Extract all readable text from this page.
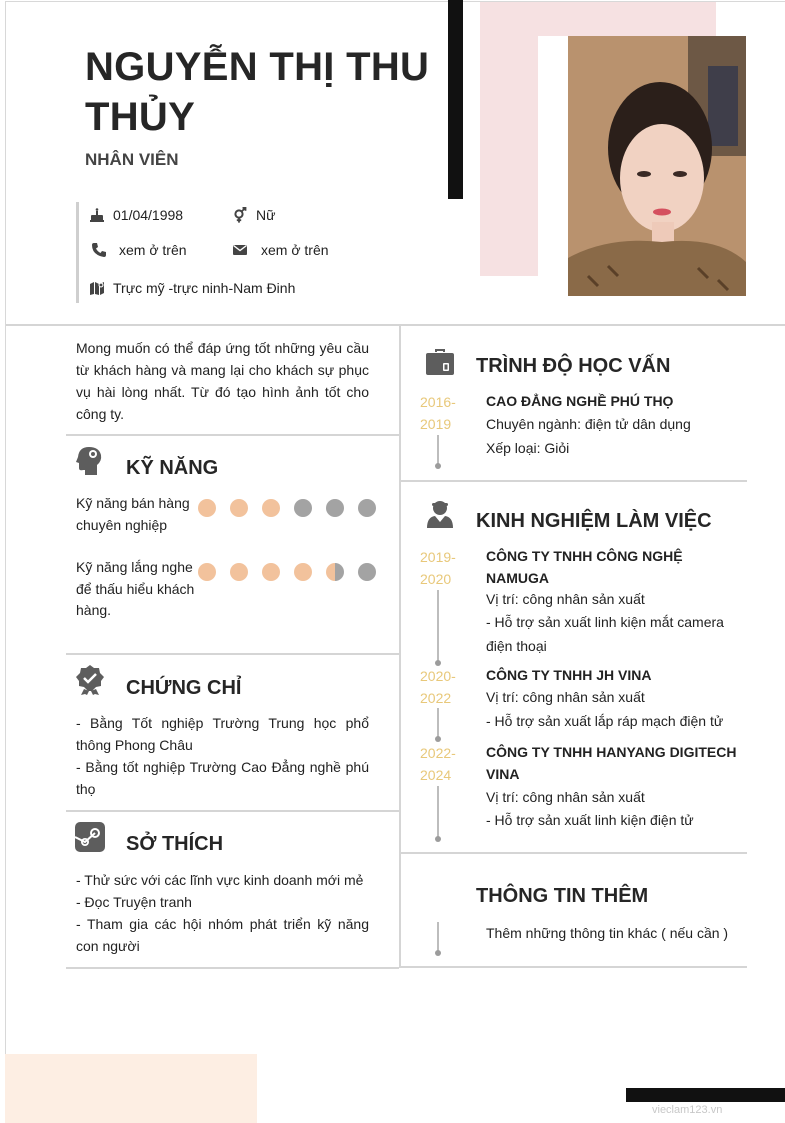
NGUYỄN THỊ THU THỦY
NHÂN VIÊN
01/04/1998	Nữ
xem ở trên	xem ở trên
Trực mỹ -trực ninh-Nam Đinh
Mong muốn có thể đáp ứng tốt những yêu cầu từ khách hàng và mang lại cho khách sự phục vụ hài lòng nhất. Từ đó tạo hình ảnh tốt cho công ty.
KỸ NĂNG
Kỹ năng bán hàng chuyên nghiệp
Kỹ năng lắng nghe để thấu hiểu khách hàng.
CHỨNG CHỈ
- Bằng Tốt nghiệp Trường Trung học phổ thông Phong Châu
- Bằng tốt nghiệp Trường Cao Đẳng nghề phú thọ
SỞ THÍCH
- Thử sức với các lĩnh vực kinh doanh mới mẻ
- Đọc Truyện tranh
- Tham gia các hội nhóm phát triển kỹ năng con người
TRÌNH ĐỘ HỌC VẤN
2016-
2019
CAO ĐẲNG NGHỀ PHÚ THỌ
Chuyên ngành: điện tử dân dụng
Xếp loại: Giỏi
KINH NGHIỆM LÀM VIỆC
2019-
2020
CÔNG TY TNHH CÔNG NGHỆ NAMUGA
Vị trí: công nhân sản xuất
- Hỗ trợ sản xuất linh kiện mắt camera điện thoại
2020-
2022
CÔNG TY TNHH JH VINA
Vị trí: công nhân sản xuất
- Hỗ trợ sản xuất lắp ráp mạch điện tử
2022-
2024
CÔNG TY TNHH HANYANG DIGITECH VINA
Vị trí: công nhân sản xuất
- Hỗ trợ sản xuất linh kiện điện tử
THÔNG TIN THÊM
Thêm những thông tin khác ( nếu cần )
vieclam123.vn
